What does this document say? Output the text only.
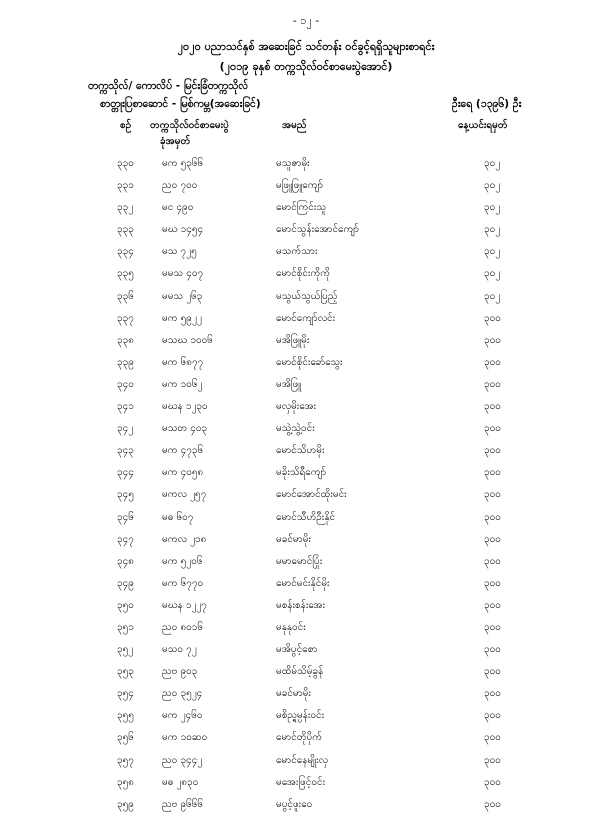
- ၁၂ -
၂၀၂၀ ပညာသင်နှစ် အဆေးခြင် သင်တန်း ဝင်ခွင့်ရရှိသူများစာရင်း
(၂၀၁၉ ခုနှစ် တက္ကသိုလ်ဝင်စာမေးပွဲအောင်)
တက္ကသိုလ်/ ကောလိပ် - မြင်းခြံတက္ကသိုလ်
စာတ္တုးပြစာဆောင် - မြစ်ကမ္ဘ(အဆေးခြင်)	ဦးရေ (၁၃၉၆) ဦး
စဉ် တက္ကသိုလ်ဝင်စာမေးပွဲ
ခုံအမှတ်
အမည်	နေ့ယင်းရမှတ်
၃၃၀	မက ၅၃၆၆	မသူဇာမိုး	၃၀၂
၃၃၁	ညဝ ၇၀၀	မဖြူဖြူကျော်	၃၀၂
၃၃၂	မင ၄၉၀	မောင်ကြင်းသူ	၃၀၂
၃၃၃	မဃ ၁၄၅၄	မောင်သွန်းအောင်ကျော်	၃၀၂
၃၃၄	မသ ၇၂၅	မသက်သား	၃၀၂
၃၃၅	မမသ ၄၀၇	မောင်စိုင်းကိုကို	၃၀၂
၃၃၆	မမသ ၂၆၃	မသွယ်သွယ်ပြည့်	၃၀၂
၃၃၇	မက ၅၉၂၂	မောင်ကျော်လင်း	၃၀၀
၃၃၈	မသဃ ၁၀၀၆	မအိဖြူမိုး	၃၀၀
၃၃၉	မက ၆၈၇၇	မောင်စိုင်းခော်သွေး	၃၀၀
၃၄၀	မက ၁၀၆၂	မအိဖြူ	၃၀၀
၃၄၁	မဃန ၁၂၃၀	မလှမိုးအေး	၃၀၀
၃၄၂	မသတ ၄၀၃	မသွဲ့သွဲ့ဝင်း	၃၀၀
၃၄၃	မက ၄၇၃၆	မောင်သိဟမိုး	၃၀၀
၃၄၄	မက ၄၀၅၈	မခိုးသိရီကျော်	၃၀၀
၃၄၅	မကလ ၂၅၇	မောင်အောင်ထိုးမင်း	၃၀၀
၃၄၆	မဓ ၆၀၇	မောင်သီဟိဉီးနိုင်	၃၀၀
၃၄၇	မကလ ၂၁၈	မခင်မာမိုး	၃၀၀
၃၄၈	မက ၅၂၀၆	မမာမောင်ပြုံး	၃၀၀
၃၄၉	မက ၆၇၇၀	မောင်မင်းနိုင်မိုး	၃၀၀
၃၅၀	မဃန ၁၂၂၇	မစန်းစန်းအေး	၃၀၀
၃၅၁	ညဝ ၈၀၁၆	မနုနုဝင်း	၃၀၀
၃၅၂	မသဝ ၇၂	မအိပွင့်စော	၃၀၀
၃၅၃	ညဗ ၉၀၃	မထိမ်သိမ့်ခွန်	၃၀၀
၃၅၄	ညဝ ၃၅၂၄	မခင်မာမိုး	၃၀၀
၃၅၅	မက ၂၄၆၀	မစိည္ရမ္ပန်းဝင်း	၃၀၀
၃၅၆	မက ၁၀ဆ၀	မောင်တိုပိုက်	၃၀၀
၃၅၇	ညဝ ၃၄၄၂	မောင်နေမျိုးလှ	၃၀၀
၃၅၈	မဓ ၂၈၃၀	မအေးဖြင့်ဝင်း	၃၀၀
၃၅၉	ညဗ ၉၆၆၆	မပွင့်ဖူးဝေ	၃၀၀
